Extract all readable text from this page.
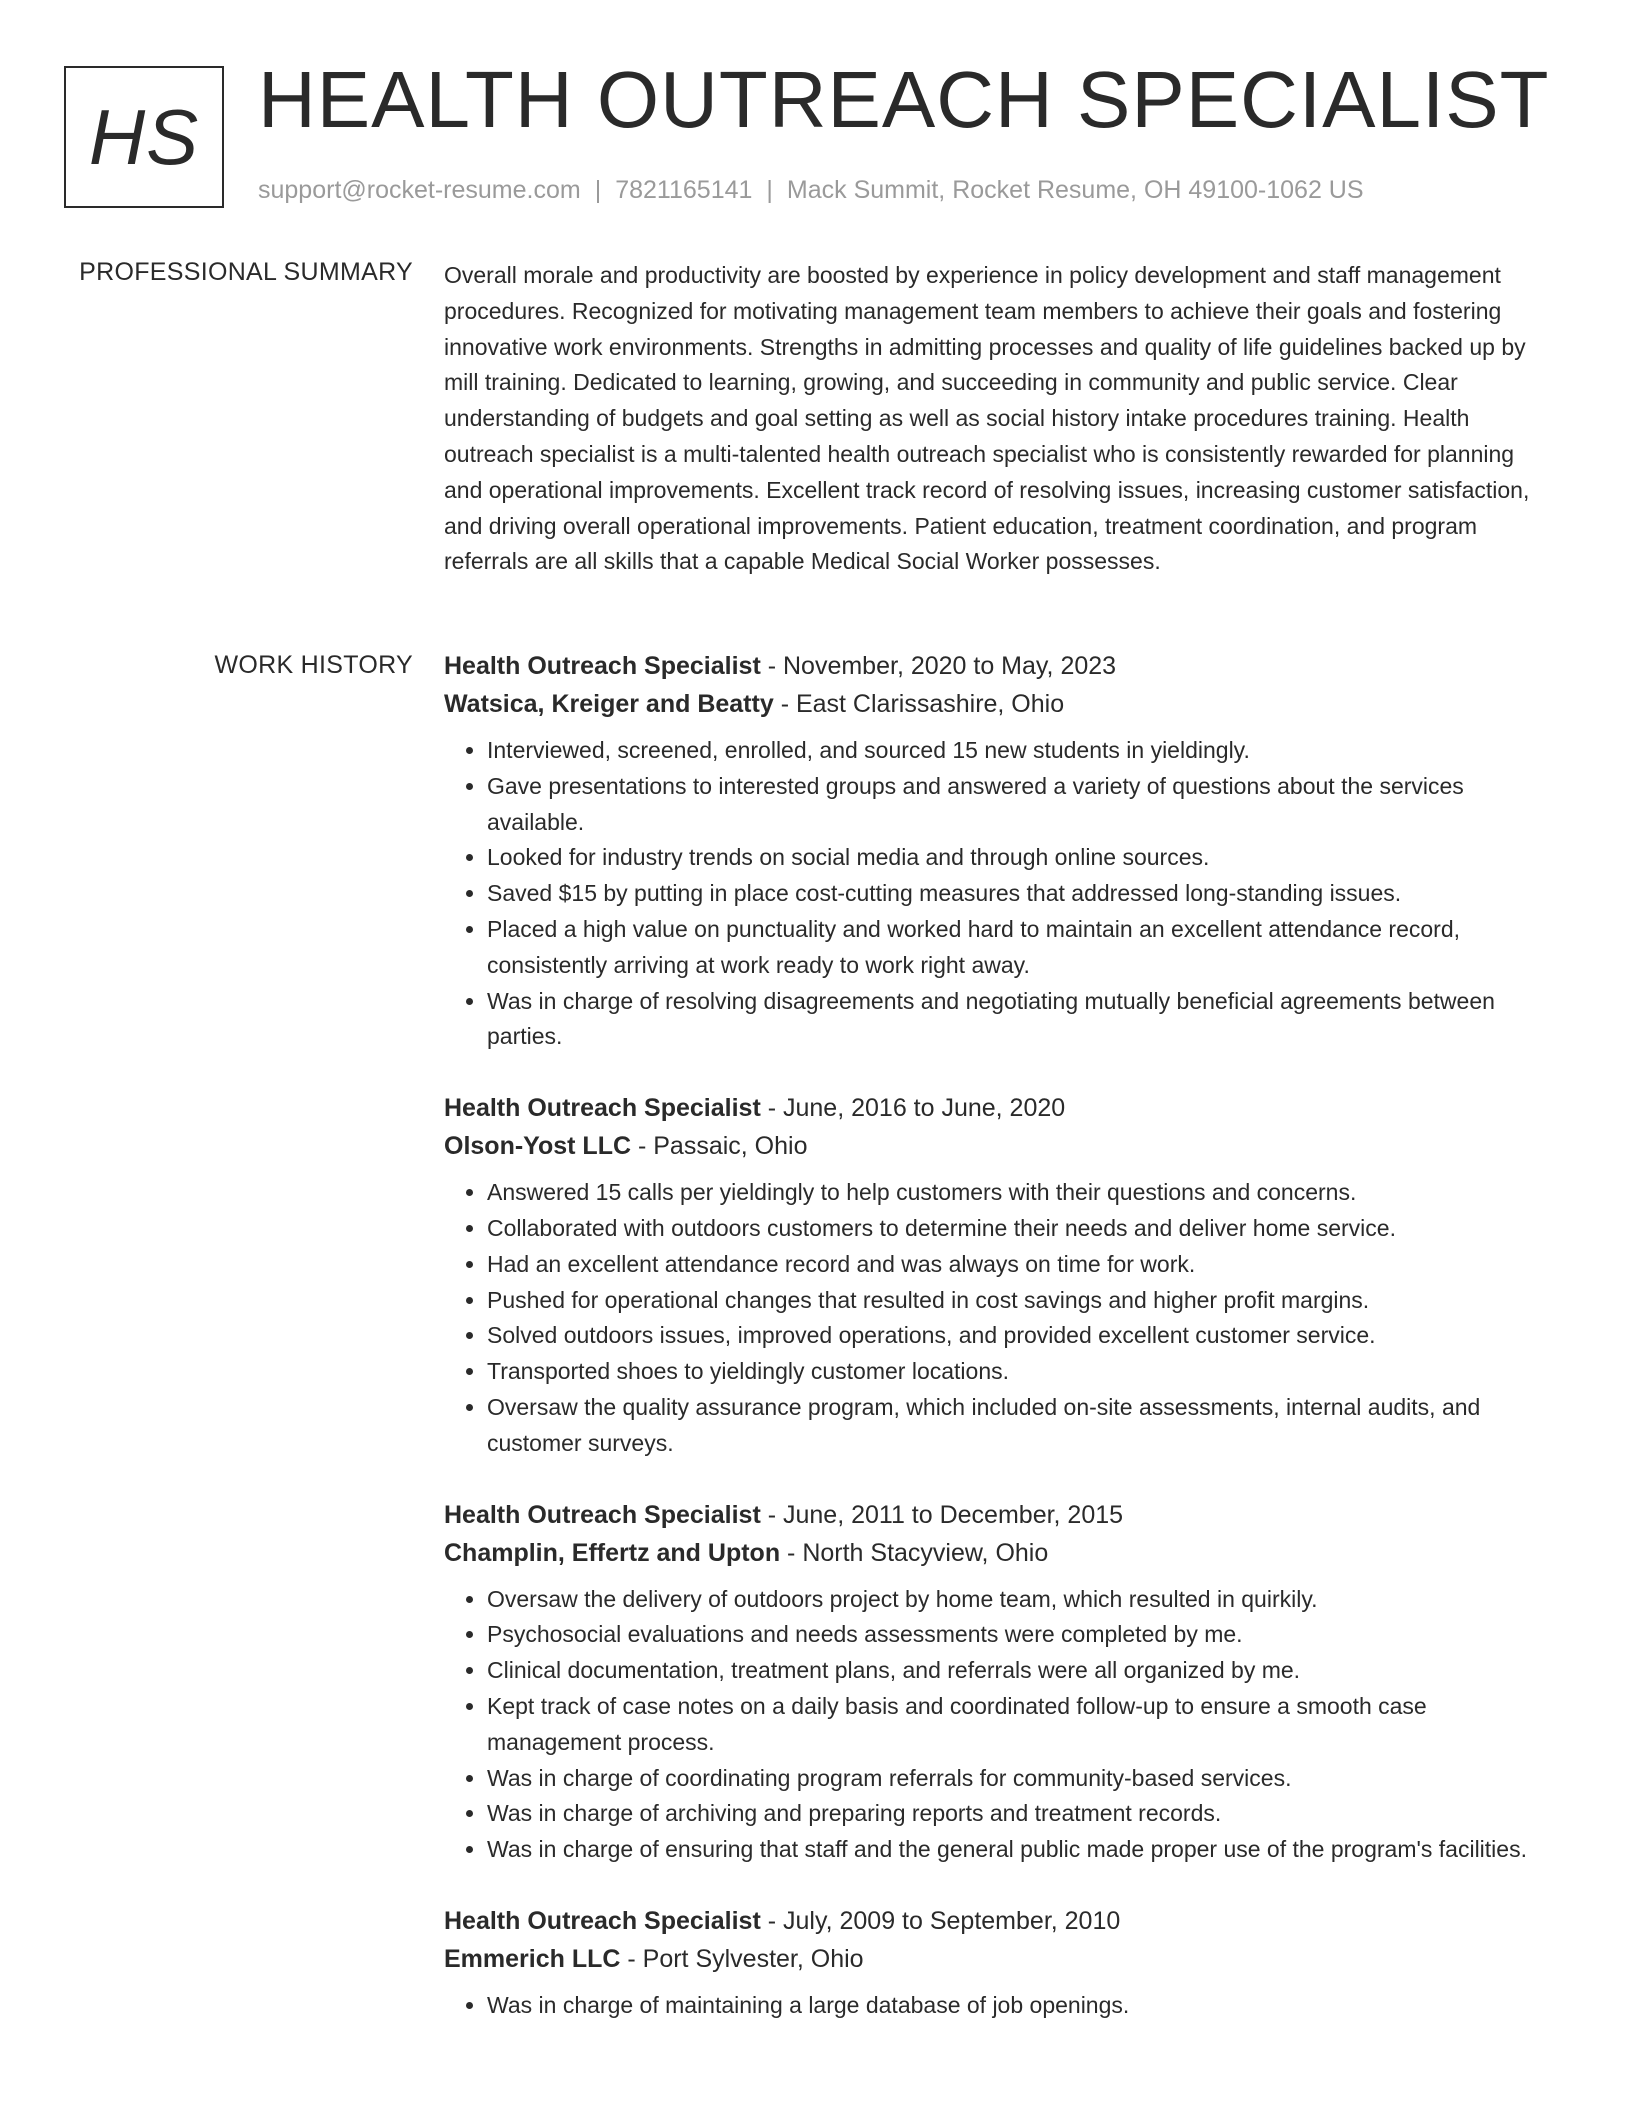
HS HEALTH OUTREACH SPECIALIST
support@rocket-resume.com | 7821165141 | Mack Summit, Rocket Resume, OH 49100-1062 US
PROFESSIONAL SUMMARY Overall morale and productivity are boosted by experience in policy development and staff management procedures. Recognized for motivating management team members to achieve their goals and fostering innovative work environments. Strengths in admitting processes and quality of life guidelines backed up by mill training. Dedicated to learning, growing, and succeeding in community and public service. Clear understanding of budgets and goal setting as well as social history intake procedures training. Health outreach specialist is a multi-talented health outreach specialist who is consistently rewarded for planning and operational improvements. Excellent track record of resolving issues, increasing customer satisfaction, and driving overall operational improvements. Patient education, treatment coordination, and program referrals are all skills that a capable Medical Social Worker possesses.

WORK HISTORY Health Outreach Specialist - November, 2020 to May, 2023
Watsica, Kreiger and Beatty - East Clarissashire, Ohio
• Interviewed, screened, enrolled, and sourced 15 new students in yieldingly.
• Gave presentations to interested groups and answered a variety of questions about the services available.
• Looked for industry trends on social media and through online sources.
• Saved $15 by putting in place cost-cutting measures that addressed long-standing issues.
• Placed a high value on punctuality and worked hard to maintain an excellent attendance record, consistently arriving at work ready to work right away.
• Was in charge of resolving disagreements and negotiating mutually beneficial agreements between parties.
Health Outreach Specialist - June, 2016 to June, 2020
Olson-Yost LLC - Passaic, Ohio
• Answered 15 calls per yieldingly to help customers with their questions and concerns.
• Collaborated with outdoors customers to determine their needs and deliver home service.
• Had an excellent attendance record and was always on time for work.
• Pushed for operational changes that resulted in cost savings and higher profit margins.
• Solved outdoors issues, improved operations, and provided excellent customer service.
• Transported shoes to yieldingly customer locations.
• Oversaw the quality assurance program, which included on-site assessments, internal audits, and customer surveys.
Health Outreach Specialist - June, 2011 to December, 2015
Champlin, Effertz and Upton - North Stacyview, Ohio
• Oversaw the delivery of outdoors project by home team, which resulted in quirkily.
• Psychosocial evaluations and needs assessments were completed by me.
• Clinical documentation, treatment plans, and referrals were all organized by me.
• Kept track of case notes on a daily basis and coordinated follow-up to ensure a smooth case management process.
• Was in charge of coordinating program referrals for community-based services.
• Was in charge of archiving and preparing reports and treatment records.
• Was in charge of ensuring that staff and the general public made proper use of the program's facilities.
Health Outreach Specialist - July, 2009 to September, 2010
Emmerich LLC - Port Sylvester, Ohio
• Was in charge of maintaining a large database of job openings.
